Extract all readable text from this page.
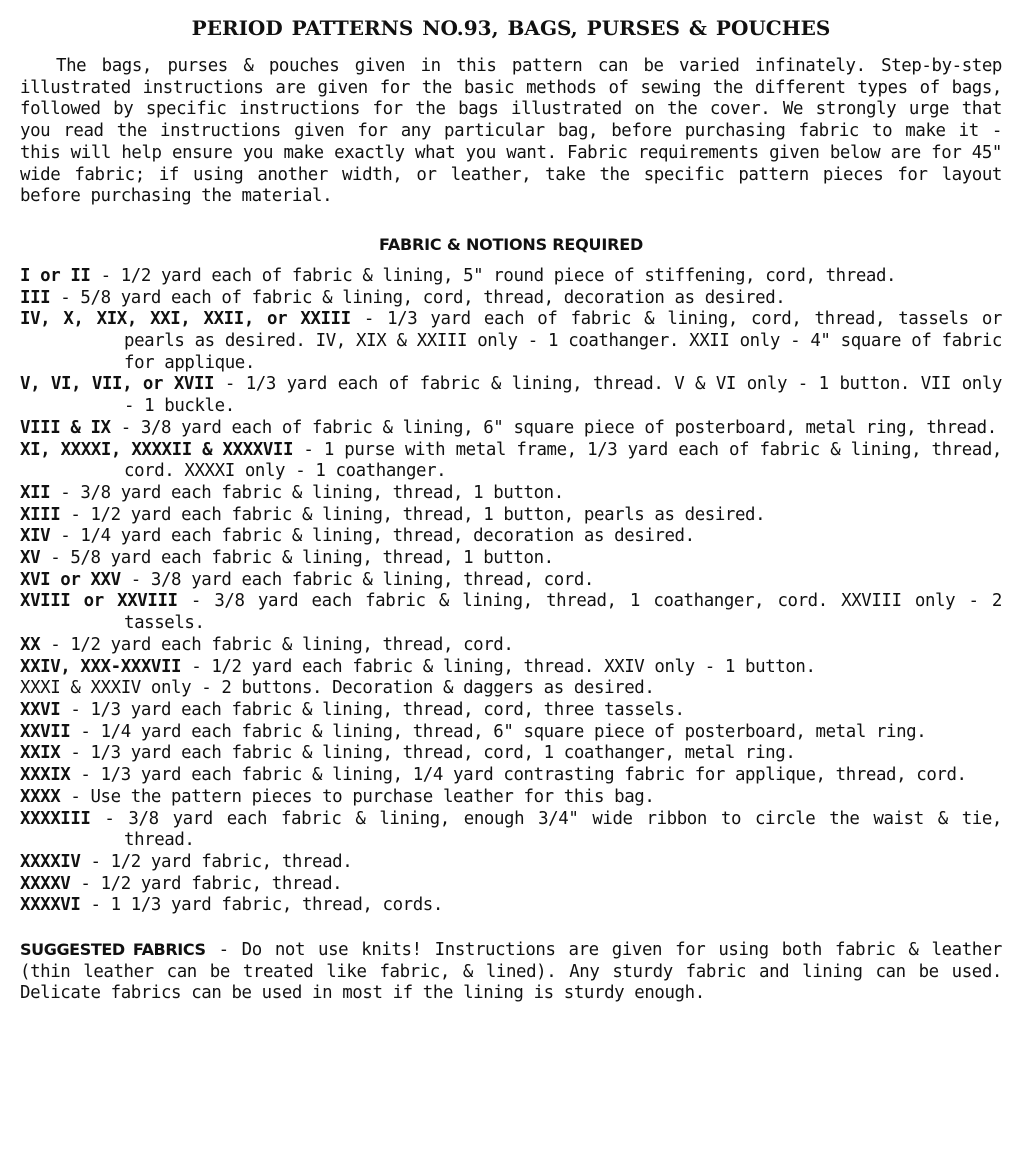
PERIOD PATTERNS NO.93, BAGS, PURSES & POUCHES

The bags, purses & pouches given in this pattern can be varied infinately. Step-by-step illustrated instructions are given for the basic methods of sewing the different types of bags, followed by specific instructions for the bags illustrated on the cover. We strongly urge that you read the instructions given for any particular bag, before purchasing fabric to make it - this will help ensure you make exactly what you want. Fabric requirements given below are for 45" wide fabric; if using another width, or leather, take the specific pattern pieces for layout before purchasing the material.

FABRIC & NOTIONS REQUIRED
I or II - 1/2 yard each of fabric & lining, 5" round piece of stiffening, cord, thread.
III - 5/8 yard each of fabric & lining, cord, thread, decoration as desired.
IV, X, XIX, XXI, XXII, or XXIII - 1/3 yard each of fabric & lining, cord, thread, tassels or pearls as desired. IV, XIX & XXIII only - 1 coathanger. XXII only - 4" square of fabric for applique.
V, VI, VII, or XVII - 1/3 yard each of fabric & lining, thread. V & VI only - 1 button. VII only - 1 buckle.
VIII & IX - 3/8 yard each of fabric & lining, 6" square piece of posterboard, metal ring, thread.
XI, XXXXI, XXXXII & XXXXVII - 1 purse with metal frame, 1/3 yard each of fabric & lining, thread, cord. XXXXI only - 1 coathanger.
XII - 3/8 yard each fabric & lining, thread, 1 button.
XIII - 1/2 yard each fabric & lining, thread, 1 button, pearls as desired.
XIV - 1/4 yard each fabric & lining, thread, decoration as desired.
XV - 5/8 yard each fabric & lining, thread, 1 button.
XVI or XXV - 3/8 yard each fabric & lining, thread, cord.
XVIII or XXVIII - 3/8 yard each fabric & lining, thread, 1 coathanger, cord. XXVIII only - 2 tassels.
XX - 1/2 yard each fabric & lining, thread, cord.
XXIV, XXX-XXXVII - 1/2 yard each fabric & lining, thread. XXIV only - 1 button.
XXXI & XXXIV only - 2 buttons. Decoration & daggers as desired.
XXVI - 1/3 yard each fabric & lining, thread, cord, three tassels.
XXVII - 1/4 yard each fabric & lining, thread, 6" square piece of posterboard, metal ring.
XXIX - 1/3 yard each fabric & lining, thread, cord, 1 coathanger, metal ring.
XXXIX - 1/3 yard each fabric & lining, 1/4 yard contrasting fabric for applique, thread, cord.
XXXX - Use the pattern pieces to purchase leather for this bag.
XXXXIII - 3/8 yard each fabric & lining, enough 3/4" wide ribbon to circle the waist & tie, thread.
XXXXIV - 1/2 yard fabric, thread.
XXXXV - 1/2 yard fabric, thread.
XXXXVI - 1 1/3 yard fabric, thread, cords.

SUGGESTED FABRICS - Do not use knits! Instructions are given for using both fabric & leather (thin leather can be treated like fabric, & lined). Any sturdy fabric and lining can be used. Delicate fabrics can be used in most if the lining is sturdy enough.
